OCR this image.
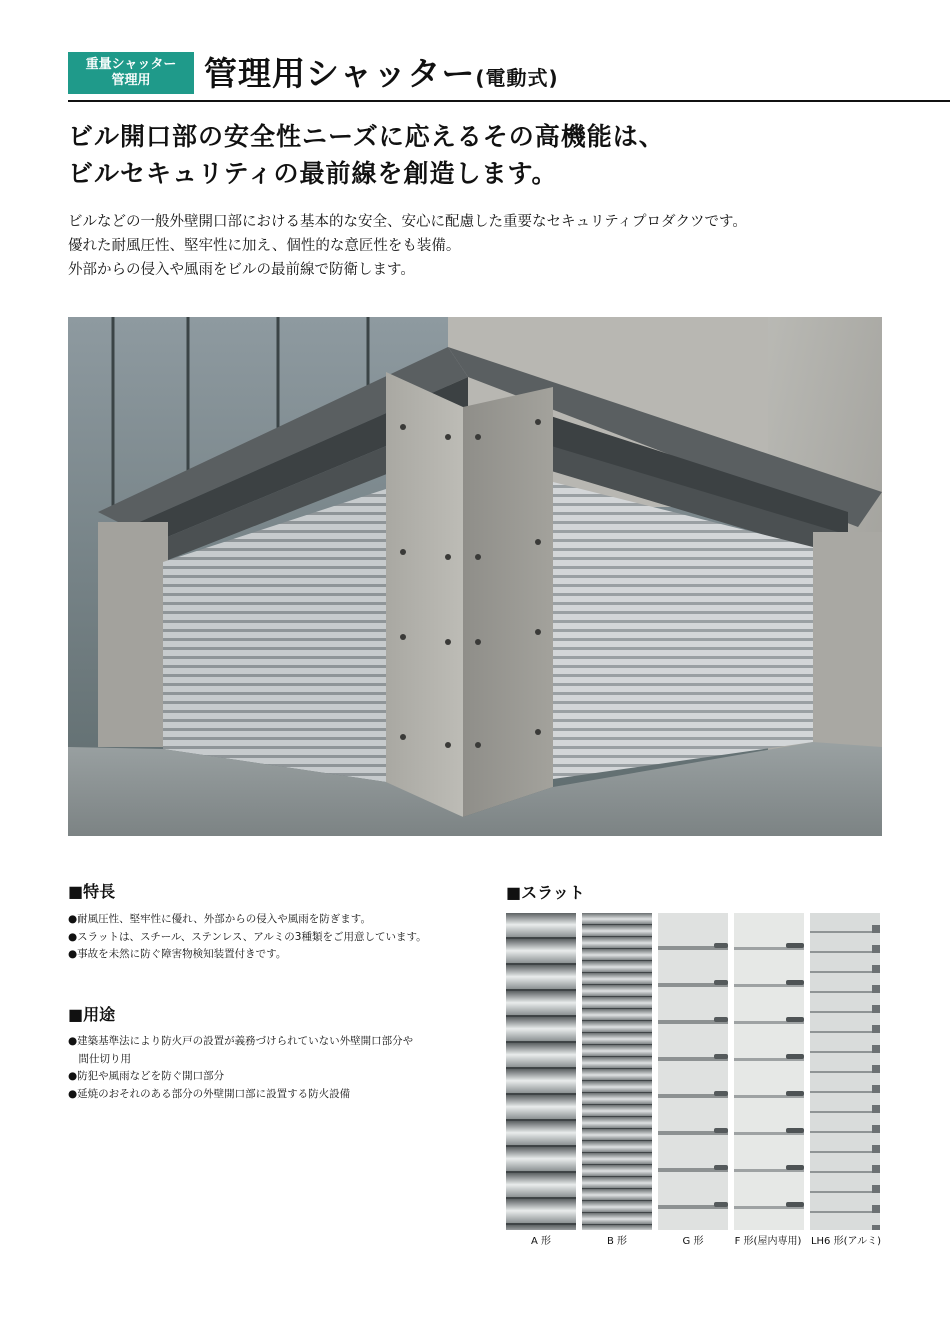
重量シャッター
管理用	管理用シャッター(電動式)
ビル開口部の安全性ニーズに応えるその高機能は、
ビルセキュリティの最前線を創造します。
ビルなどの一般外壁開口部における基本的な安全、安心に配慮した重要なセキュリティプロダクツです。
優れた耐風圧性、堅牢性に加え、個性的な意匠性をも装備。
外部からの侵入や風雨をビルの最前線で防衛します。
■特長
●耐風圧性、堅牢性に優れ、外部からの侵入や風雨を防ぎます。
●スラットは、スチール、ステンレス、アルミの3種類をご用意しています。
●事故を未然に防ぐ障害物検知装置付きです。
■用途
●建築基準法により防火戸の設置が義務づけられていない外壁開口部分や
　間仕切り用
●防犯や風雨などを防ぐ開口部分
●延焼のおそれのある部分の外壁開口部に設置する防火設備
■スラット
A 形	B 形	G 形	F 形(屋内専用) LH6 形(アルミ)
